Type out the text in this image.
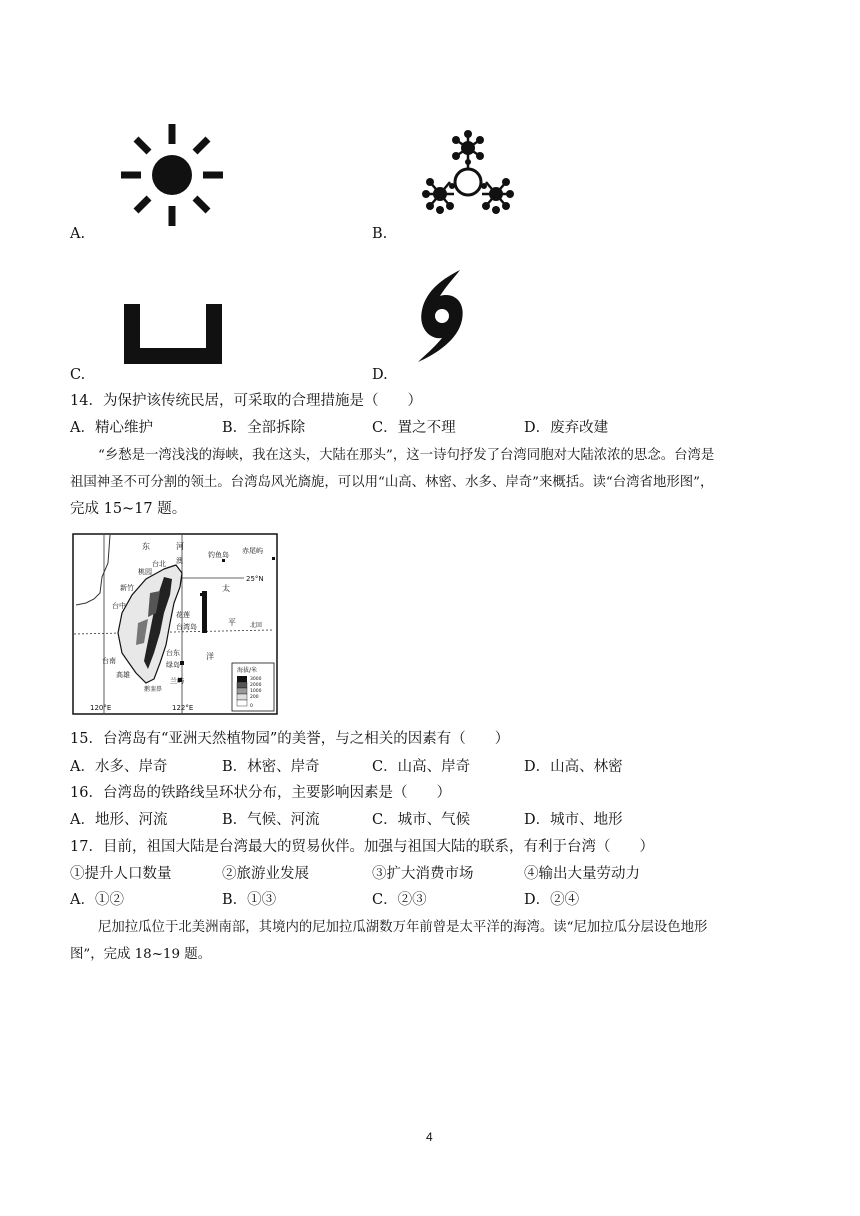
A.	B.
C.	D.
14．为保护该传统民居，可采取的合理措施是（　　）
A．精心维护	B．全部拆除	C．置之不理	D．废弃改建
“乡愁是一湾浅浅的海峡，我在这头，大陆在那头”，这一诗句抒发了台湾同胞对大陆浓浓的思念。台湾是
祖国神圣不可分割的领土。台湾岛风光旖旎，可以用“山高、林密、水多、岸奇”来概括。读“台湾省地形图”，
完成 15~17 题。
东	河
澳
台北
钓鱼岛 赤尾屿
25°N
桃园
新竹	太
平 北回
台中
花莲
台湾岛
洋
台南
台东
绿岛
高雄
兰屿
鹅銮鼻
120°E	122°E
海拔/米
3000
2000
1000
200
0
15．台湾岛有“亚洲天然植物园”的美誉，与之相关的因素有（　　）
A．水多、岸奇	B．林密、岸奇	C．山高、岸奇	D．山高、林密
16．台湾岛的铁路线呈环状分布，主要影响因素是（　　）
A．地形、河流	B．气候、河流	C．城市、气候	D．城市、地形
17．目前，祖国大陆是台湾最大的贸易伙伴。加强与祖国大陆的联系，有利于台湾（　　）
①提升人口数量	②旅游业发展	③扩大消费市场	④输出大量劳动力
A．①②	B．①③	C．②③	D．②④
尼加拉瓜位于北美洲南部，其境内的尼加拉瓜湖数万年前曾是太平洋的海湾。读“尼加拉瓜分层设色地形
图”，完成 18~19 题。
4
